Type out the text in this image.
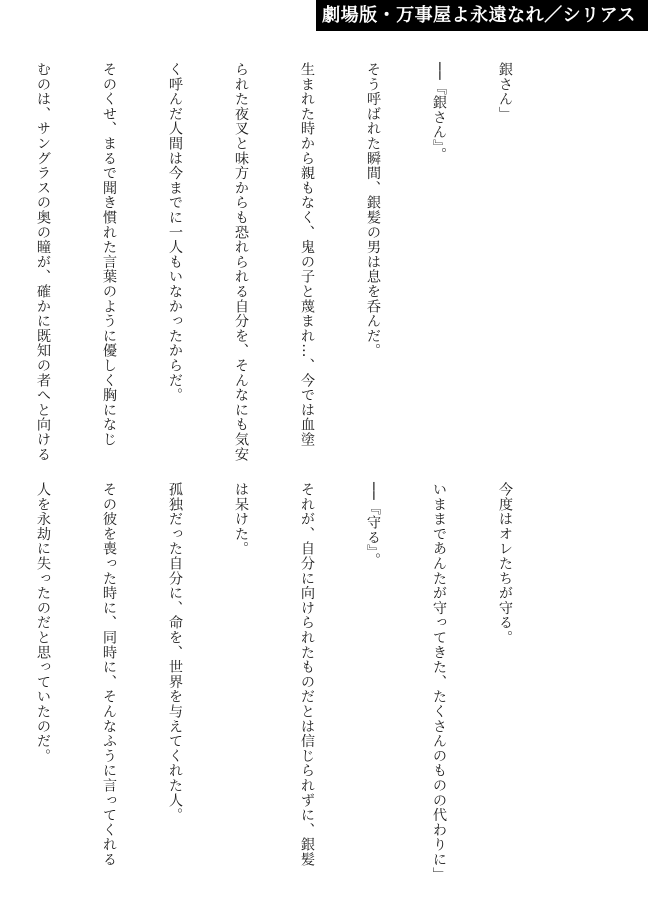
劇場版・万事屋よ永遠なれ／シリアス

銀さん」

──『銀さん』。

そう呼ばれた瞬間、銀髪の男は息を呑んだ。

生まれた時から親もなく、鬼の子と蔑まれ…、今では血塗

られた夜叉と味方からも恐れられる自分を、そんなにも気安

く呼んだ人間は今までに一人もいなかったからだ。

そのくせ、まるで聞き慣れた言葉のように優しく胸になじ

むのは、サングラスの奥の瞳が、確かに既知の者へと向ける

今度はオレたちが守る。

いままであんたが守ってきた、たくさんのものの代わりに」

──『守る』。

それが、自分に向けられたものだとは信じられずに、銀髪

は呆けた。

孤独だった自分に、命を、世界を与えてくれた人。

その彼を喪った時に、同時に、そんなふうに言ってくれる

人を永劫に失ったのだと思っていたのだ。
